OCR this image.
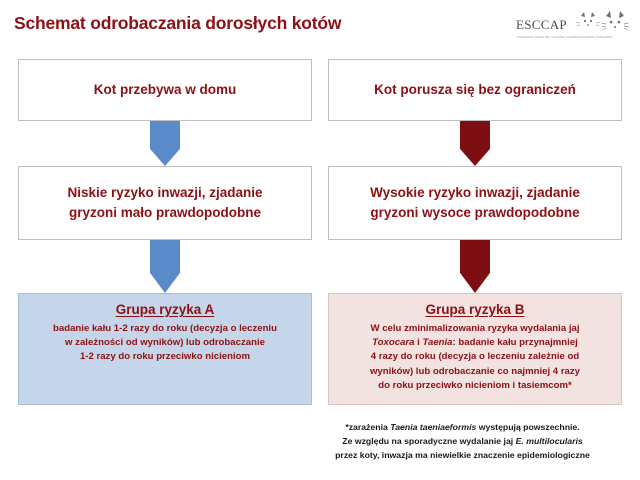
Schemat odrobaczania dorosłych kotów	ESCCAP
EUROPEAN SCIENTIFIC COUNSEL COMPANION ANIMAL PARASITES
Kot przebywa w domu
Niskie ryzyko inwazji, zjadanie
gryzoni mało prawdopodobne
Grupa ryzyka A
badanie kału 1-2 razy do roku (decyzja o leczeniu
w zależności od wyników) lub odrobaczanie
1-2 razy do roku przeciwko nicieniom
Kot porusza się bez ograniczeń
Wysokie ryzyko inwazji, zjadanie
gryzoni wysoce prawdopodobne
Grupa ryzyka B
W celu zminimalizowania ryzyka wydalania jaj
Toxocara i Taenia: badanie kału przynajmniej
4 razy do roku (decyzja o leczeniu zależnie od
wyników) lub odrobaczanie co najmniej 4 razy
do roku przeciwko nicieniom i tasiemcom*
*zarażenia Taenia taeniaeformis występują powszechnie.
Ze względu na sporadyczne wydalanie jaj E. multilocularis
przez koty, inwazja ma niewielkie znaczenie epidemiologiczne
